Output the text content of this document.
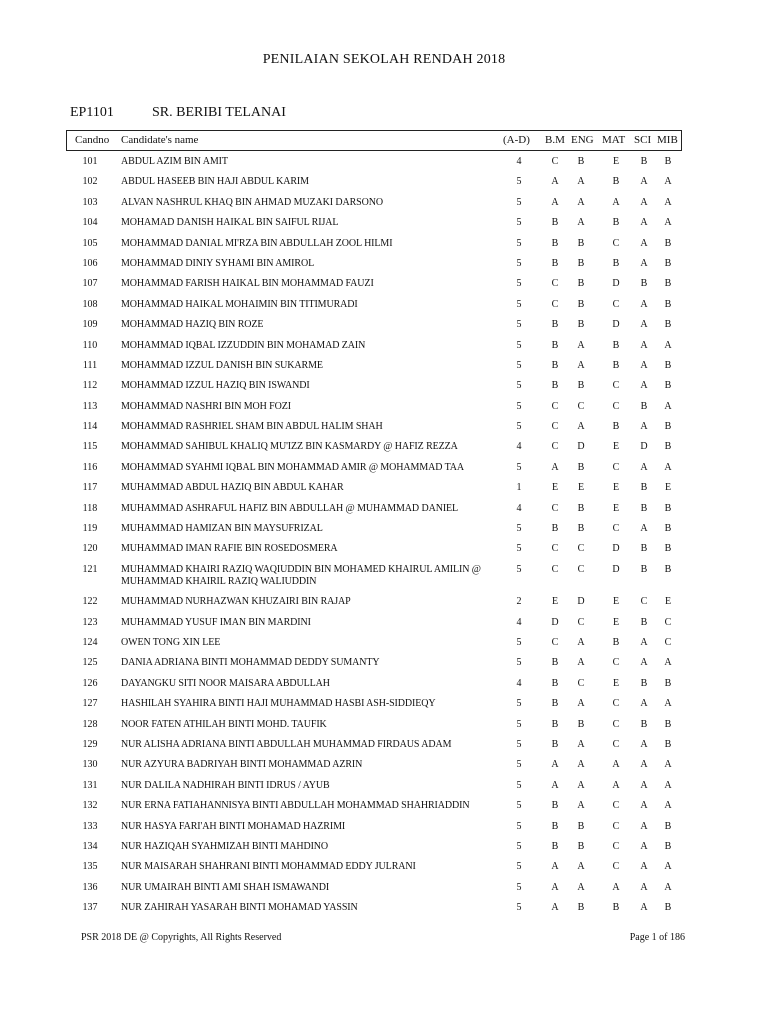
PENILAIAN SEKOLAH RENDAH 2018
EP1101	SR. BERIBI TELANAI
Candno Candidate's name	(A-D) B.M ENG MAT SCI MIB
101 ABDUL AZIM BIN AMIT	4	C	B	E	B	B
102 ABDUL HASEEB BIN HAJI ABDUL KARIM	5	A	A	B	A	A
103 ALVAN NASHRUL KHAQ BIN AHMAD MUZAKI DARSONO	5	A	A	A	A	A
104 MOHAMAD DANISH HAIKAL BIN SAIFUL RIJAL	5	B	A	B	A	A
105 MOHAMMAD DANIAL MI'RZA BIN ABDULLAH ZOOL HILMI	5	B	B	C	A	B
106 MOHAMMAD DINIY SYHAMI BIN AMIROL	5	B	B	B	A	B
107 MOHAMMAD FARISH HAIKAL BIN MOHAMMAD FAUZI	5	C	B	D	B	B
108 MOHAMMAD HAIKAL MOHAIMIN BIN TITIMURADI	5	C	B	C	A	B
109 MOHAMMAD HAZIQ BIN ROZE	5	B	B	D	A	B
110 MOHAMMAD IQBAL IZZUDDIN BIN MOHAMAD ZAIN	5	B	A	B	A	A
111 MOHAMMAD IZZUL DANISH BIN SUKARME	5	B	A	B	A	B
112 MOHAMMAD IZZUL HAZIQ BIN ISWANDI	5	B	B	C	A	B
113 MOHAMMAD NASHRI BIN MOH FOZI	5	C	C	C	B	A
114 MOHAMMAD RASHRIEL SHAM BIN ABDUL HALIM SHAH	5	C	A	B	A	B
115 MOHAMMAD SAHIBUL KHALIQ MU'IZZ BIN KASMARDY @ HAFIZ REZZA	4	C	D	E	D	B
116 MOHAMMAD SYAHMI IQBAL BIN MOHAMMAD AMIR @ MOHAMMAD TAA	5	A	B	C	A	A
117 MUHAMMAD ABDUL HAZIQ BIN ABDUL KAHAR	1	E	E	E	B	E
118 MUHAMMAD ASHRAFUL HAFIZ BIN ABDULLAH @ MUHAMMAD DANIEL	4	C	B	E	B	B
119 MUHAMMAD HAMIZAN BIN MAYSUFRIZAL	5	B	B	C	A	B
120 MUHAMMAD IMAN RAFIE BIN ROSEDOSMERA	5	C	C	D	B	B
121 MUHAMMAD KHAIRI RAZIQ WAQIUDDIN BIN MOHAMED KHAIRUL AMILIN @ MUHAMMAD KHAIRIL RAZIQ WALIUDDIN
5	C	C	D	B	B
122 MUHAMMAD NURHAZWAN KHUZAIRI BIN RAJAP	2	E	D	E	C	E
123 MUHAMMAD YUSUF IMAN BIN MARDINI	4	D	C	E	B	C
124 OWEN TONG XIN LEE	5	C	A	B	A	C
125 DANIA ADRIANA BINTI MOHAMMAD DEDDY SUMANTY	5	B	A	C	A	A
126 DAYANGKU SITI NOOR MAISARA ABDULLAH	4	B	C	E	B	B
127 HASHILAH SYAHIRA BINTI HAJI MUHAMMAD HASBI ASH-SIDDIEQY	5	B	A	C	A	A
128 NOOR FATEN ATHILAH BINTI MOHD. TAUFIK	5	B	B	C	B	B
129 NUR ALISHA ADRIANA BINTI ABDULLAH MUHAMMAD FIRDAUS ADAM	5	B	A	C	A	B
130 NUR AZYURA BADRIYAH BINTI MOHAMMAD AZRIN	5	A	A	A	A	A
131 NUR DALILA NADHIRAH BINTI IDRUS / AYUB	5	A	A	A	A	A
132 NUR ERNA FATIAHANNISYA BINTI ABDULLAH MOHAMMAD SHAHRIADDIN	5	B	A	C	A	A
133 NUR HASYA FARI'AH BINTI MOHAMAD HAZRIMI	5	B	B	C	A	B
134 NUR HAZIQAH SYAHMIZAH BINTI MAHDINO	5	B	B	C	A	B
135 NUR MAISARAH SHAHRANI BINTI MOHAMMAD EDDY JULRANI	5	A	A	C	A	A
136 NUR UMAIRAH BINTI AMI SHAH ISMAWANDI	5	A	A	A	A	A
137 NUR ZAHIRAH YASARAH BINTI MOHAMAD YASSIN	5	A	B	B	A	B
PSR 2018 DE @ Copyrights, All Rights Reserved	Page 1 of 186
